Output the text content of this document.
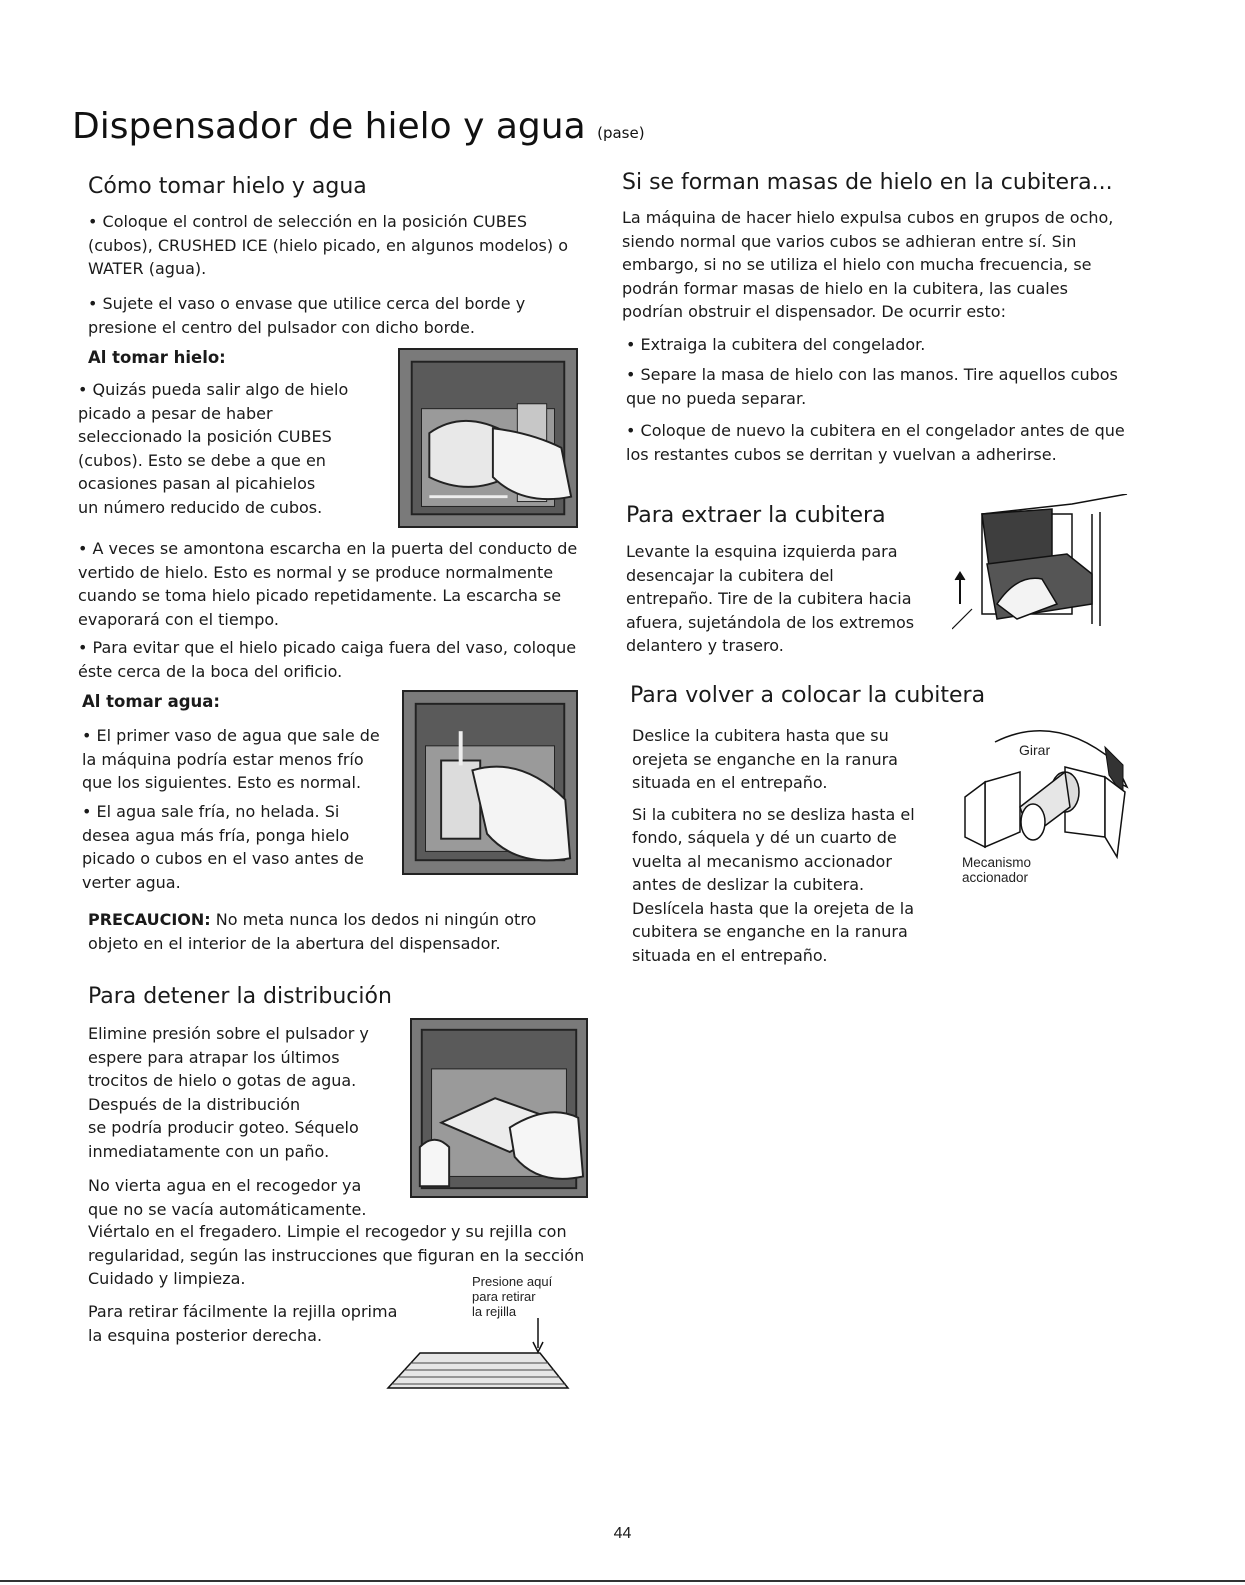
Dispensador de hielo y agua (pase)
Cómo tomar hielo y agua

• Coloque el control de selección en la posición CUBES (cubos), CRUSHED ICE (hielo picado, en algunos modelos) o WATER (agua).

• Sujete el vaso o envase que utilice cerca del borde y presione el centro del pulsador con dicho borde.

Al tomar hielo:

• Quizás pueda salir algo de hielo

picado a pesar de haber

seleccionado la posición CUBES

(cubos). Esto se debe a que en

ocasiones pasan al picahielos

un número reducido de cubos.

• A veces se amontona escarcha en la puerta del conducto de vertido de hielo. Esto es normal y se produce normalmente cuando se toma hielo picado repetidamente. La escarcha se evaporará con el tiempo.

• Para evitar que el hielo picado caiga fuera del vaso, coloque éste cerca de la boca del orificio.

Al tomar agua:

• El primer vaso de agua que sale de

la máquina podría estar menos frío

que los siguientes. Esto es normal.

• El agua sale fría, no helada. Si

desea agua más fría, ponga hielo

picado o cubos en el vaso antes de

verter agua.

PRECAUCION: No meta nunca los dedos ni ningún otro objeto en el interior de la abertura del dispensador.

Para detener la distribución

Elimine presión sobre el pulsador y

espere para atrapar los últimos

trocitos de hielo o gotas de agua.

Después de la distribución

se podría producir goteo. Séquelo

inmediatamente con un paño.

No vierta agua en el recogedor ya

que no se vacía automáticamente.

Viértalo en el fregadero. Limpie el recogedor y su rejilla con regularidad, según las instrucciones que figuran en la sección Cuidado y limpieza.

Para retirar fácilmente la rejilla oprima

la esquina posterior derecha.

Presione aquí
para retirar
la rejilla
Si se forman masas de hielo en la cubitera...

La máquina de hacer hielo expulsa cubos en grupos de ocho, siendo normal que varios cubos se adhieran entre sí. Sin embargo, si no se utiliza el hielo con mucha frecuencia, se podrán formar masas de hielo en la cubitera, las cuales podrían obstruir el dispensador. De ocurrir esto:

• Extraiga la cubitera del congelador.

• Separe la masa de hielo con las manos. Tire aquellos cubos que no pueda separar.

• Coloque de nuevo la cubitera en el congelador antes de que los restantes cubos se derritan y vuelvan a adherirse.

Para extraer la cubitera

Levante la esquina izquierda para

desencajar la cubitera del

entrepaño. Tire de la cubitera hacia

afuera, sujetándola de los extremos

delantero y trasero.

Para volver a colocar la cubitera

Deslice la cubitera hasta que su

orejeta se enganche en la ranura

situada en el entrepaño.

Si la cubitera no se desliza hasta el

fondo, sáquela y dé un cuarto de

vuelta al mecanismo accionador

antes de deslizar la cubitera.

Deslícela hasta que la orejeta de la

cubitera se enganche en la ranura

situada en el entrepaño.

Girar
Mecanismo
accionador
44
